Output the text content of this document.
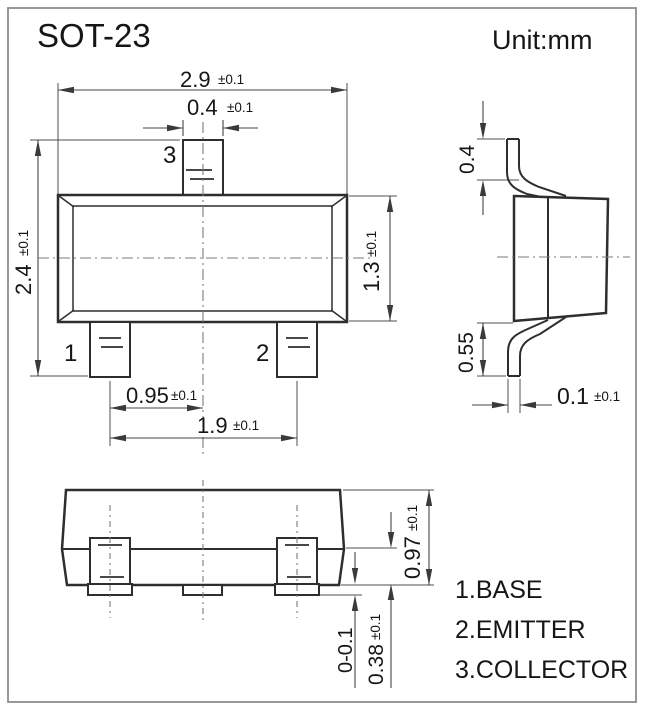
SOT-23	Unit:mm
2.9 ±0.1
0.4 ±0.1
2.4
±0.1
1.3
±0.1
3
1	2
0.95 ±0.1
1.9 ±0.1
0.4
0.55
0.1 ±0.1
0.97
±0.1
0.38
±0.1
0-0.1
1.BASE
2.EMITTER
3.COLLECTOR
